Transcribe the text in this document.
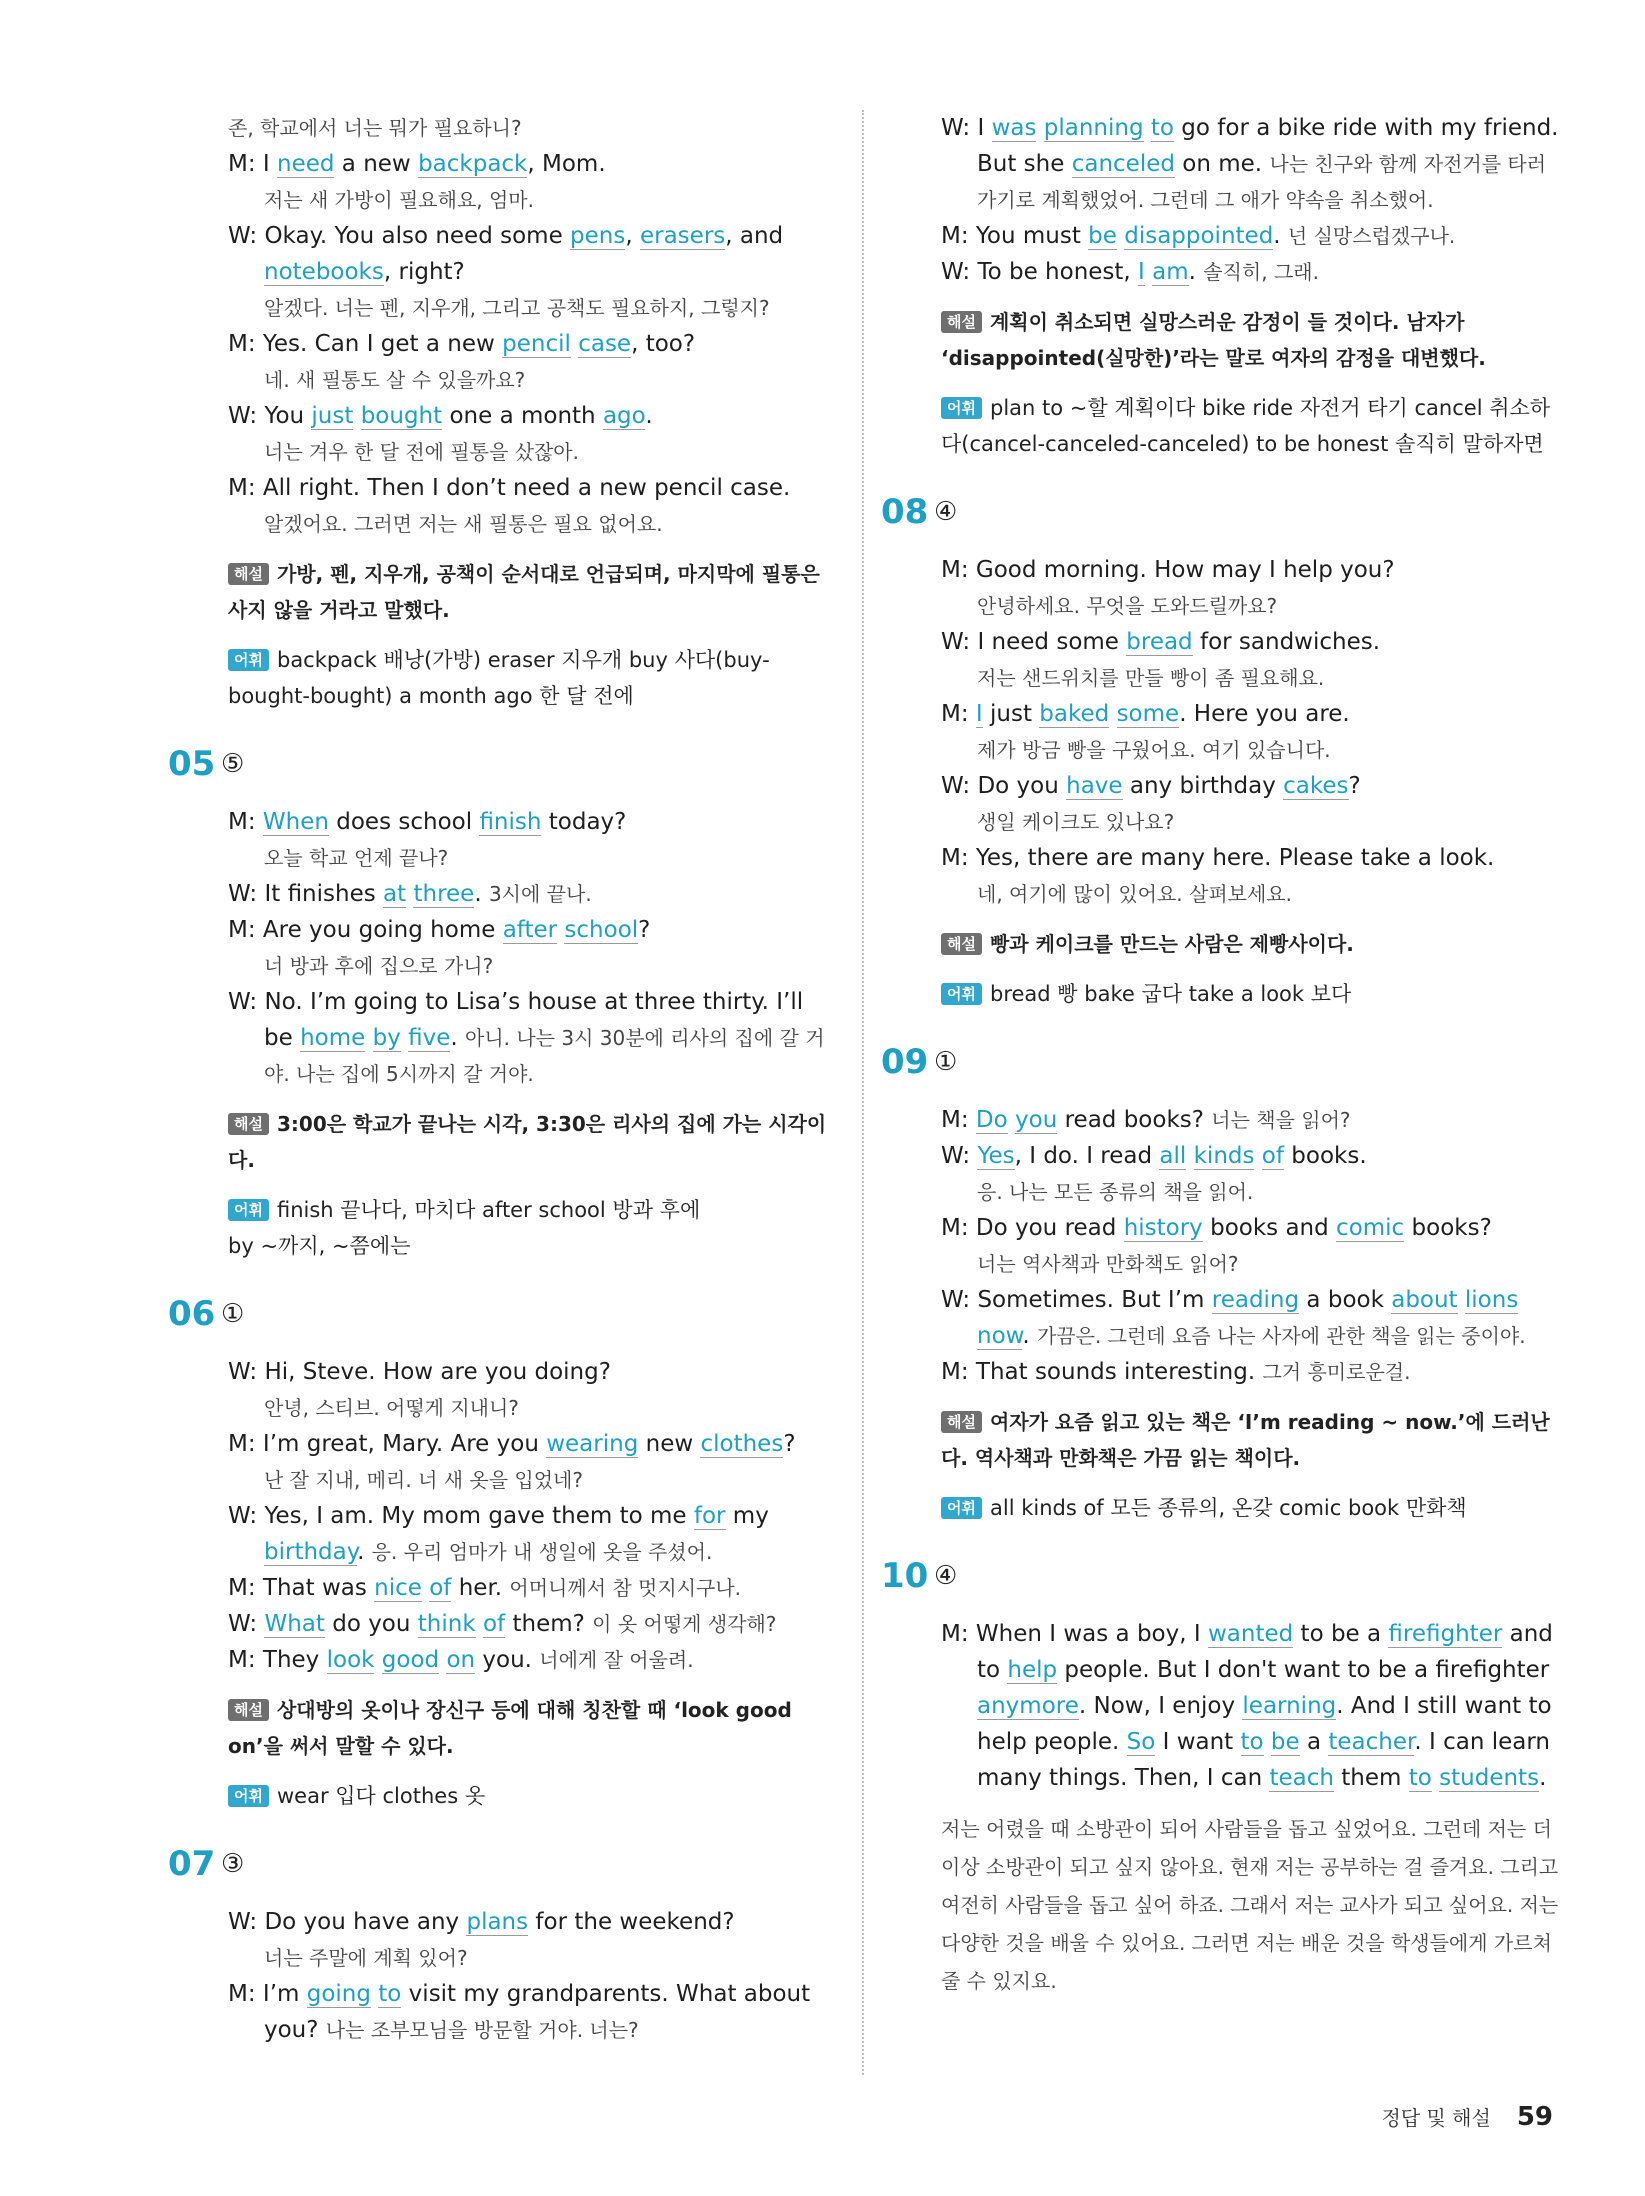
존, 학교에서 너는 뭐가 필요하니?
M: I need a new backpack, Mom.
저는 새 가방이 필요해요, 엄마.
W: Okay. You also need some pens, erasers, and notebooks, right?
알겠다. 너는 펜, 지우개, 그리고 공책도 필요하지, 그렇지?
M: Yes. Can I get a new pencil case, too?
네. 새 필통도 살 수 있을까요?
W: You just bought one a month ago.
너는 겨우 한 달 전에 필통을 샀잖아.
M: All right. Then I don’t need a new pencil case.
알겠어요. 그러면 저는 새 필통은 필요 없어요.
해설 가방, 펜, 지우개, 공책이 순서대로 언급되며, 마지막에 필통은 사지 않을 거라고 말했다.
어휘 backpack 배낭(가방) eraser 지우개 buy 사다(buy-bought-bought) a month ago 한 달 전에
05 ⑤
M: When does school finish today?
오늘 학교 언제 끝나?
W: It finishes at three. 3시에 끝나.
M: Are you going home after school?
너 방과 후에 집으로 가니?
W: No. I’m going to Lisa’s house at three thirty. I’ll be home by five. 아니. 나는 3시 30분에 리사의 집에 갈 거야. 나는 집에 5시까지 갈 거야.
해설 3:00은 학교가 끝나는 시각, 3:30은 리사의 집에 가는 시각이다.
어휘 finish 끝나다, 마치다 after school 방과 후에
by ~까지, ~쯤에는
06 ①
W: Hi, Steve. How are you doing?
안녕, 스티브. 어떻게 지내니?
M: I’m great, Mary. Are you wearing new clothes?
난 잘 지내, 메리. 너 새 옷을 입었네?
W: Yes, I am. My mom gave them to me for my birthday. 응. 우리 엄마가 내 생일에 옷을 주셨어.
M: That was nice of her. 어머니께서 참 멋지시구나.
W: What do you think of them? 이 옷 어떻게 생각해?
M: They look good on you. 너에게 잘 어울려.
해설 상대방의 옷이나 장신구 등에 대해 칭찬할 때 ‘look good on’을 써서 말할 수 있다.
어휘 wear 입다 clothes 옷
07 ③
W: Do you have any plans for the weekend?
너는 주말에 계획 있어?
M: I’m going to visit my grandparents. What about you? 나는 조부모님을 방문할 거야. 너는?
W: I was planning to go for a bike ride with my friend. But she canceled on me. 나는 친구와 함께 자전거를 타러 가기로 계획했었어. 그런데 그 애가 약속을 취소했어.
M: You must be disappointed. 넌 실망스럽겠구나.
W: To be honest, I am. 솔직히, 그래.
해설 계획이 취소되면 실망스러운 감정이 들 것이다. 남자가 ‘disappointed(실망한)’라는 말로 여자의 감정을 대변했다.
어휘 plan to ~할 계획이다 bike ride 자전거 타기 cancel 취소하다(cancel-canceled-canceled) to be honest 솔직히 말하자면
08 ④
M: Good morning. How may I help you?
안녕하세요. 무엇을 도와드릴까요?
W: I need some bread for sandwiches.
저는 샌드위치를 만들 빵이 좀 필요해요.
M: I just baked some. Here you are.
제가 방금 빵을 구웠어요. 여기 있습니다.
W: Do you have any birthday cakes?
생일 케이크도 있나요?
M: Yes, there are many here. Please take a look.
네, 여기에 많이 있어요. 살펴보세요.
해설 빵과 케이크를 만드는 사람은 제빵사이다.
어휘 bread 빵 bake 굽다 take a look 보다
09 ①
M: Do you read books? 너는 책을 읽어?
W: Yes, I do. I read all kinds of books.
응. 나는 모든 종류의 책을 읽어.
M: Do you read history books and comic books?
너는 역사책과 만화책도 읽어?
W: Sometimes. But I’m reading a book about lions now. 가끔은. 그런데 요즘 나는 사자에 관한 책을 읽는 중이야.
M: That sounds interesting. 그거 흥미로운걸.
해설 여자가 요즘 읽고 있는 책은 ‘I’m reading ~ now.’에 드러난다. 역사책과 만화책은 가끔 읽는 책이다.
어휘 all kinds of 모든 종류의, 온갖 comic book 만화책
10 ④
M: When I was a boy, I wanted to be a firefighter and to help people. But I don't want to be a firefighter anymore. Now, I enjoy learning. And I still want to help people. So I want to be a teacher. I can learn many things. Then, I can teach them to students.
저는 어렸을 때 소방관이 되어 사람들을 돕고 싶었어요. 그런데 저는 더 이상 소방관이 되고 싶지 않아요. 현재 저는 공부하는 걸 즐겨요. 그리고 여전히 사람들을 돕고 싶어 하죠. 그래서 저는 교사가 되고 싶어요. 저는 다양한 것을 배울 수 있어요. 그러면 저는 배운 것을 학생들에게 가르쳐줄 수 있지요.
정답 및 해설 59
